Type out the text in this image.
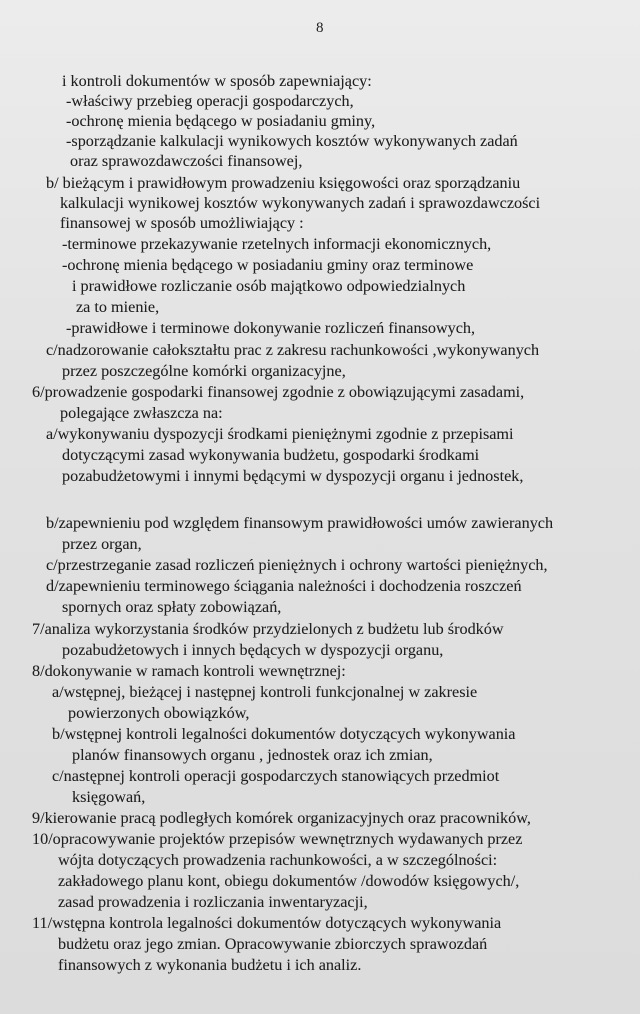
8
i kontroli dokumentów w sposób zapewniający:
-właściwy przebieg operacji gospodarczych,
-ochronę mienia będącego w posiadaniu gminy,
-sporządzanie kalkulacji wynikowych kosztów wykonywanych zadań
oraz sprawozdawczości finansowej,
b/ bieżącym i prawidłowym prowadzeniu księgowości oraz sporządzaniu
kalkulacji wynikowej kosztów wykonywanych zadań i sprawozdawczości
finansowej w sposób umożliwiający :
-terminowe przekazywanie rzetelnych informacji ekonomicznych,
-ochronę mienia będącego w posiadaniu gminy oraz terminowe
i prawidłowe rozliczanie osób majątkowo odpowiedzialnych
za to mienie,
-prawidłowe i terminowe dokonywanie rozliczeń finansowych,
c/nadzorowanie całokształtu prac z zakresu rachunkowości ,wykonywanych
przez poszczególne komórki organizacyjne,
6/prowadzenie gospodarki finansowej zgodnie z obowiązującymi zasadami,
polegające zwłaszcza na:
a/wykonywaniu dyspozycji środkami pieniężnymi zgodnie z przepisami
dotyczącymi zasad wykonywania budżetu, gospodarki środkami
pozabudżetowymi i innymi będącymi w dyspozycji organu i jednostek,
b/zapewnieniu pod względem finansowym prawidłowości umów zawieranych
przez organ,
c/przestrzeganie zasad rozliczeń pieniężnych i ochrony wartości pieniężnych,
d/zapewnieniu terminowego ściągania należności i dochodzenia roszczeń
spornych oraz spłaty zobowiązań,
7/analiza wykorzystania środków przydzielonych z budżetu lub środków
pozabudżetowych i innych będących w dyspozycji organu,
8/dokonywanie w ramach kontroli wewnętrznej:
a/wstępnej, bieżącej i następnej kontroli funkcjonalnej w zakresie
powierzonych obowiązków,
b/wstępnej kontroli legalności dokumentów dotyczących wykonywania
planów finansowych organu , jednostek oraz ich zmian,
c/następnej kontroli operacji gospodarczych stanowiących przedmiot
księgowań,
9/kierowanie pracą podległych komórek organizacyjnych oraz pracowników,
10/opracowywanie projektów przepisów wewnętrznych wydawanych przez
wójta dotyczących prowadzenia rachunkowości, a w szczególności:
zakładowego planu kont, obiegu dokumentów /dowodów księgowych/,
zasad prowadzenia i rozliczania inwentaryzacji,
11/wstępna kontrola legalności dokumentów dotyczących wykonywania
budżetu oraz jego zmian. Opracowywanie zbiorczych sprawozdań
finansowych z wykonania budżetu i ich analiz.
